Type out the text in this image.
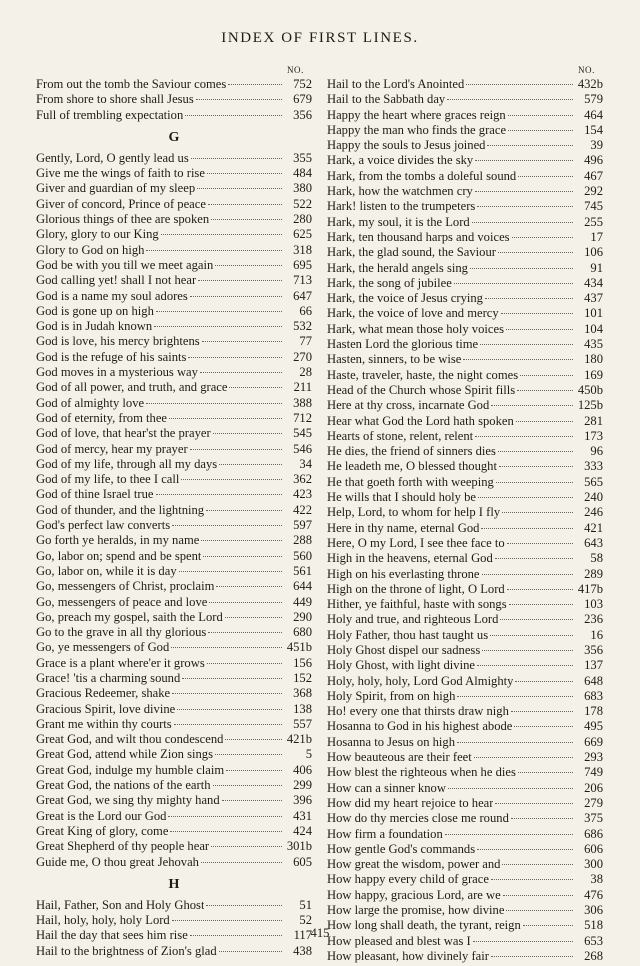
INDEX OF FIRST LINES.
NO.
From out the tomb the Saviour comes	752
From shore to shore shall Jesus	679
Full of trembling expectation	356
G
Gently, Lord, O gently lead us	355
Give me the wings of faith to rise	484
Giver and guardian of my sleep	380
Giver of concord, Prince of peace	522
Glorious things of thee are spoken	280
Glory, glory to our King	625
Glory to God on high	318
God be with you till we meet again	695
God calling yet! shall I not hear	713
God is a name my soul adores	647
God is gone up on high	66
God is in Judah known	532
God is love, his mercy brightens	77
God is the refuge of his saints	270
God moves in a mysterious way	28
God of all power, and truth, and grace	211
God of almighty love	388
God of eternity, from thee	712
God of love, that hear'st the prayer	545
God of mercy, hear my prayer	546
God of my life, through all my days	34
God of my life, to thee I call	362
God of thine Israel true	423
God of thunder, and the lightning	422
God's perfect law converts	597
Go forth ye heralds, in my name	288
Go, labor on; spend and be spent	560
Go, labor on, while it is day	561
Go, messengers of Christ, proclaim	644
Go, messengers of peace and love	449
Go, preach my gospel, saith the Lord	290
Go to the grave in all thy glorious	680
Go, ye messengers of God	451b
Grace is a plant where'er it grows	156
Grace! 'tis a charming sound	152
Gracious Redeemer, shake	368
Gracious Spirit, love divine	138
Grant me within thy courts	557
Great God, and wilt thou condescend	421b
Great God, attend while Zion sings	5
Great God, indulge my humble claim	406
Great God, the nations of the earth	299
Great God, we sing thy mighty hand	396
Great is the Lord our God	431
Great King of glory, come	424
Great Shepherd of thy people hear	301b
Guide me, O thou great Jehovah	605
H
Hail, Father, Son and Holy Ghost	51
Hail, holy, holy, holy Lord	52
Hail the day that sees him rise	117
Hail to the brightness of Zion's glad	438
NO.
Hail to the Lord's Anointed	432b
Hail to the Sabbath day	579
Happy the heart where graces reign	464
Happy the man who finds the grace	154
Happy the souls to Jesus joined	39
Hark, a voice divides the sky	496
Hark, from the tombs a doleful sound	467
Hark, how the watchmen cry	292
Hark! listen to the trumpeters	745
Hark, my soul, it is the Lord	255
Hark, ten thousand harps and voices	17
Hark, the glad sound, the Saviour	106
Hark, the herald angels sing	91
Hark, the song of jubilee	434
Hark, the voice of Jesus crying	437
Hark, the voice of love and mercy	101
Hark, what mean those holy voices	104
Hasten Lord the glorious time	435
Hasten, sinners, to be wise	180
Haste, traveler, haste, the night comes	169
Head of the Church whose Spirit fills	450b
Here at thy cross, incarnate God	125b
Hear what God the Lord hath spoken	281
Hearts of stone, relent, relent	173
He dies, the friend of sinners dies	96
He leadeth me, O blessed thought	333
He that goeth forth with weeping	565
He wills that I should holy be	240
Help, Lord, to whom for help I fly	246
Here in thy name, eternal God	421
Here, O my Lord, I see thee face to	643
High in the heavens, eternal God	58
High on his everlasting throne	289
High on the throne of light, O Lord	417b
Hither, ye faithful, haste with songs	103
Holy and true, and righteous Lord	236
Holy Father, thou hast taught us	16
Holy Ghost dispel our sadness	356
Holy Ghost, with light divine	137
Holy, holy, holy, Lord God Almighty	648
Holy Spirit, from on high	683
Ho! every one that thirsts draw nigh	178
Hosanna to God in his highest abode	495
Hosanna to Jesus on high	669
How beauteous are their feet	293
How blest the righteous when he dies	749
How can a sinner know	206
How did my heart rejoice to hear	279
How do thy mercies close me round	375
How firm a foundation	686
How gentle God's commands	606
How great the wisdom, power and	300
How happy every child of grace	38
How happy, gracious Lord, are we	476
How large the promise, how divine	306
How long shall death, the tyrant, reign	518
How pleased and blest was I	653
How pleasant, how divinely fair	268
415
